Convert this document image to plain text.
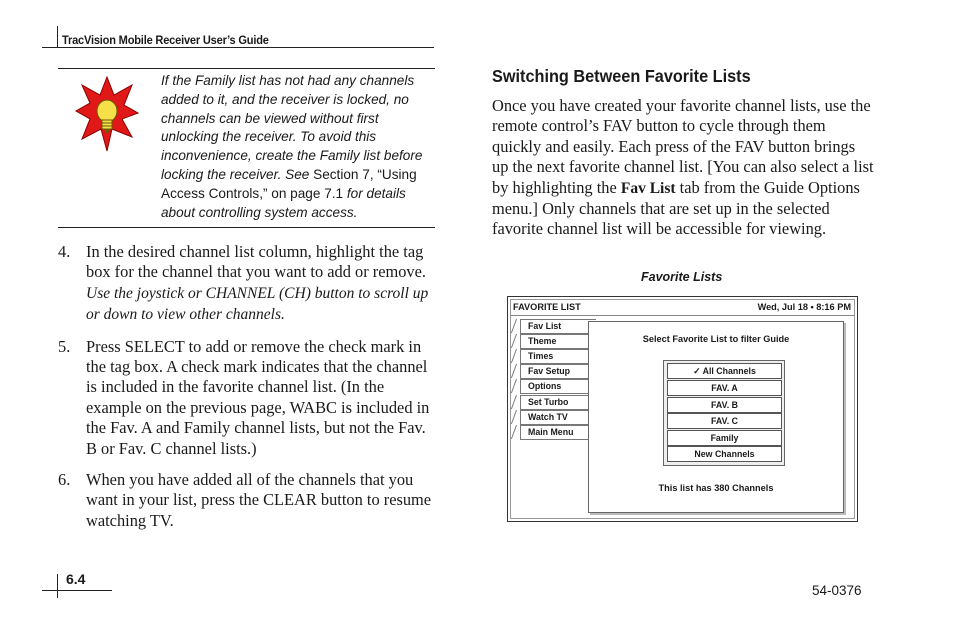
TracVision Mobile Receiver User’s Guide
If the Family list has not had any channels added to it, and the receiver is locked, no channels can be viewed without first unlocking the receiver. To avoid this inconvenience, create the Family list before locking the receiver. See Section 7, “Using Access Controls,” on page 7.1 for details about controlling system access.
4. In the desired channel list column, highlight the tag box for the channel that you want to add or remove. Use the joystick or CHANNEL (CH) button to scroll up or down to view other channels.
5. Press SELECT to add or remove the check mark in the tag box. A check mark indicates that the channel is included in the favorite channel list. (In the example on the previous page, WABC is included in the Fav. A and Family channel lists, but not the Fav. B or Fav. C channel lists.)
6. When you have added all of the channels that you want in your list, press the CLEAR button to resume watching TV.
Switching Between Favorite Lists
Once you have created your favorite channel lists, use the remote control’s FAV button to cycle through them quickly and easily. Each press of the FAV button brings up the next favorite channel list. [You can also select a list by highlighting the Fav List tab from the Guide Options menu.] Only channels that are set up in the selected favorite channel list will be accessible for viewing.
Favorite Lists
FAVORITE LIST	Wed, Jul 18 • 8:16 PM
Fav List
Theme
Times
Fav Setup
Options
Set Turbo
Watch TV
Main Menu
Select Favorite List to filter Guide
✓ All Channels
FAV. A
FAV. B
FAV. C
Family
New Channels
This list has 380 Channels
6.4
54-0376
